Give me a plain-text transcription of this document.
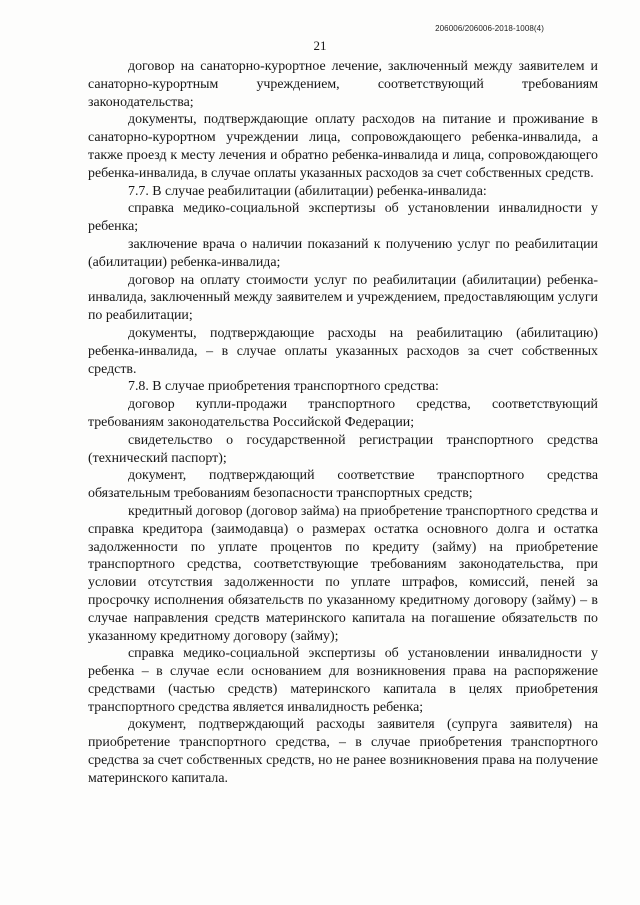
206006/206006-2018-1008(4)
21

договор на санаторно-курортное лечение, заключенный между заявителем и санаторно-курортным учреждением, соответствующий требованиям законодательства;

документы, подтверждающие оплату расходов на питание и проживание в санаторно-курортном учреждении лица, сопровождающего ребенка-инвалида, а также проезд к месту лечения и обратно ребенка-инвалида и лица, сопровождающего ребенка-инвалида, в случае оплаты указанных расходов за счет собственных средств.

7.7. В случае реабилитации (абилитации) ребенка-инвалида:

справка медико-социальной экспертизы об установлении инвалидности у ребенка;

заключение врача о наличии показаний к получению услуг по реабилитации (абилитации) ребенка-инвалида;

договор на оплату стоимости услуг по реабилитации (абилитации) ребенка-инвалида, заключенный между заявителем и учреждением, предоставляющим услуги по реабилитации;

документы, подтверждающие расходы на реабилитацию (абилитацию) ребенка-инвалида, – в случае оплаты указанных расходов за счет собственных средств.

7.8. В случае приобретения транспортного средства:

договор купли-продажи транспортного средства, соответствующий требованиям законодательства Российской Федерации;

свидетельство о государственной регистрации транспортного средства (технический паспорт);

документ, подтверждающий соответствие транспортного средства обязательным требованиям безопасности транспортных средств;

кредитный договор (договор займа) на приобретение транспортного средства и справка кредитора (заимодавца) о размерах остатка основного долга и остатка задолженности по уплате процентов по кредиту (займу) на приобретение транспортного средства, соответствующие требованиям законодательства, при условии отсутствия задолженности по уплате штрафов, комиссий, пеней за просрочку исполнения обязательств по указанному кредитному договору (займу) – в случае направления средств материнского капитала на погашение обязательств по указанному кредитному договору (займу);

справка медико-социальной экспертизы об установлении инвалидности у ребенка – в случае если основанием для возникновения права на распоряжение средствами (частью средств) материнского капитала в целях приобретения транспортного средства является инвалидность ребенка;

документ, подтверждающий расходы заявителя (супруга заявителя) на приобретение транспортного средства, – в случае приобретения транспортного средства за счет собственных средств, но не ранее возникновения права на получение материнского капитала.
